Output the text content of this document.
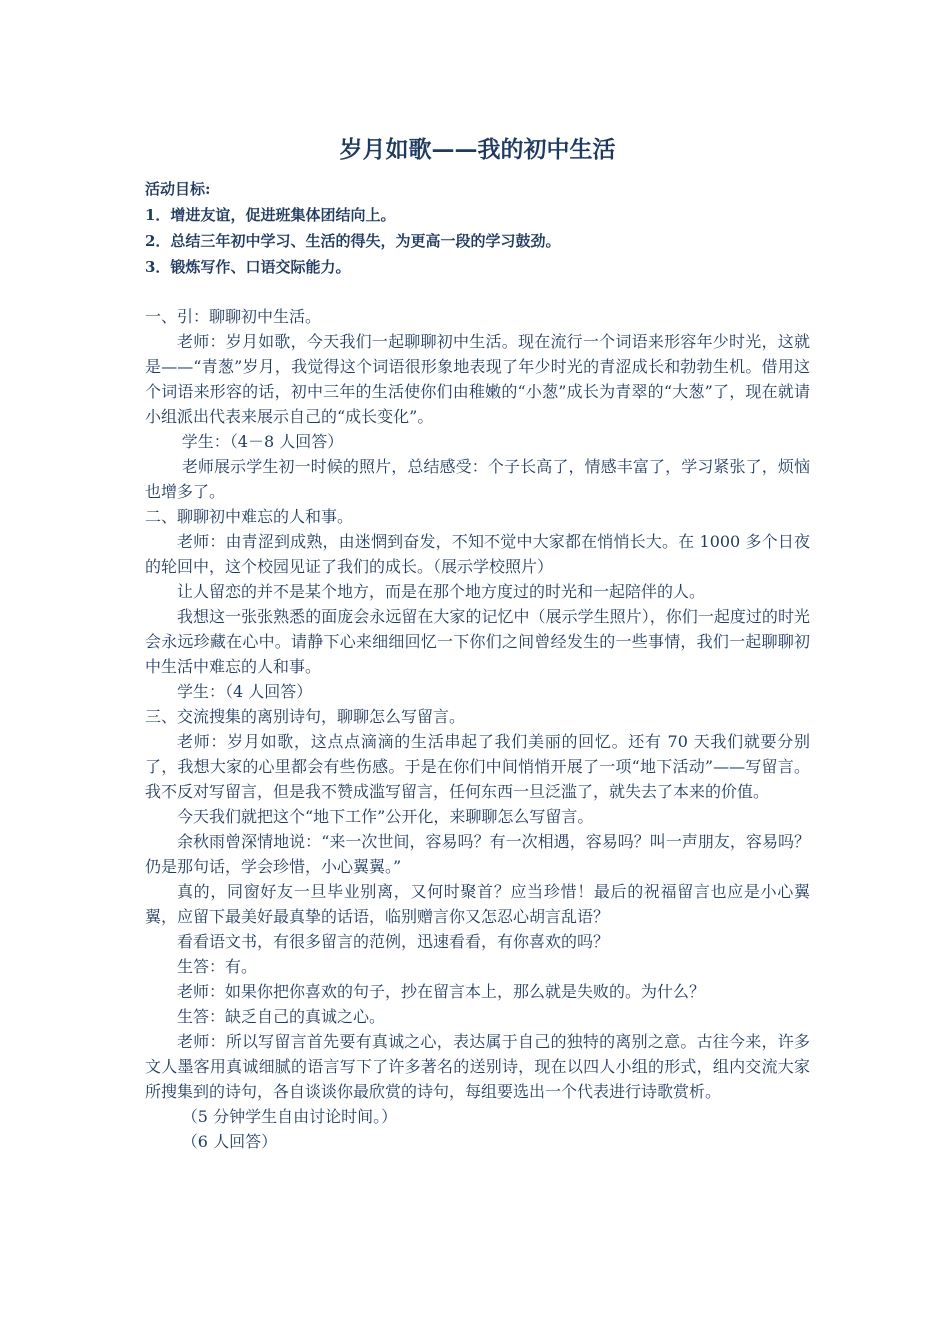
岁月如歌——我的初中生活

活动目标:

1．增进友谊，促进班集体团结向上。

2．总结三年初中学习、生活的得失，为更高一段的学习鼓劲。

3．锻炼写作、口语交际能力。

一、引：聊聊初中生活。

老师：岁月如歌，今天我们一起聊聊初中生活。现在流行一个词语来形容年少时光，这就是——“青葱”岁月，我觉得这个词语很形象地表现了年少时光的青涩成长和勃勃生机。借用这个词语来形容的话，初中三年的生活使你们由稚嫩的“小葱”成长为青翠的“大葱”了，现在就请小组派出代表来展示自己的“成长变化”。

学生：（4－8 人回答）

老师展示学生初一时候的照片，总结感受：个子长高了，情感丰富了，学习紧张了，烦恼也增多了。

二、聊聊初中难忘的人和事。

老师：由青涩到成熟，由迷惘到奋发，不知不觉中大家都在悄悄长大。在 1000 多个日夜的轮回中，这个校园见证了我们的成长。（展示学校照片）

让人留恋的并不是某个地方，而是在那个地方度过的时光和一起陪伴的人。

我想这一张张熟悉的面庞会永远留在大家的记忆中（展示学生照片），你们一起度过的时光会永远珍藏在心中。请静下心来细细回忆一下你们之间曾经发生的一些事情，我们一起聊聊初中生活中难忘的人和事。

学生：（4 人回答）

三、交流搜集的离别诗句，聊聊怎么写留言。

老师：岁月如歌，这点点滴滴的生活串起了我们美丽的回忆。还有 70 天我们就要分别了，我想大家的心里都会有些伤感。于是在你们中间悄悄开展了一项“地下活动”——写留言。我不反对写留言，但是我不赞成滥写留言，任何东西一旦泛滥了，就失去了本来的价值。

今天我们就把这个“地下工作”公开化，来聊聊怎么写留言。

余秋雨曾深情地说：“来一次世间，容易吗？有一次相遇，容易吗？叫一声朋友，容易吗？仍是那句话，学会珍惜，小心翼翼。”

真的，同窗好友一旦毕业别离，又何时聚首？应当珍惜！最后的祝福留言也应是小心翼翼，应留下最美好最真挚的话语，临别赠言你又怎忍心胡言乱语？

看看语文书，有很多留言的范例，迅速看看，有你喜欢的吗？

生答：有。

老师：如果你把你喜欢的句子，抄在留言本上，那么就是失败的。为什么？

生答：缺乏自己的真诚之心。

老师：所以写留言首先要有真诚之心，表达属于自己的独特的离别之意。古往今来，许多文人墨客用真诚细腻的语言写下了许多著名的送别诗，现在以四人小组的形式，组内交流大家所搜集到的诗句，各自谈谈你最欣赏的诗句，每组要选出一个代表进行诗歌赏析。

（5 分钟学生自由讨论时间。）

（6 人回答）
